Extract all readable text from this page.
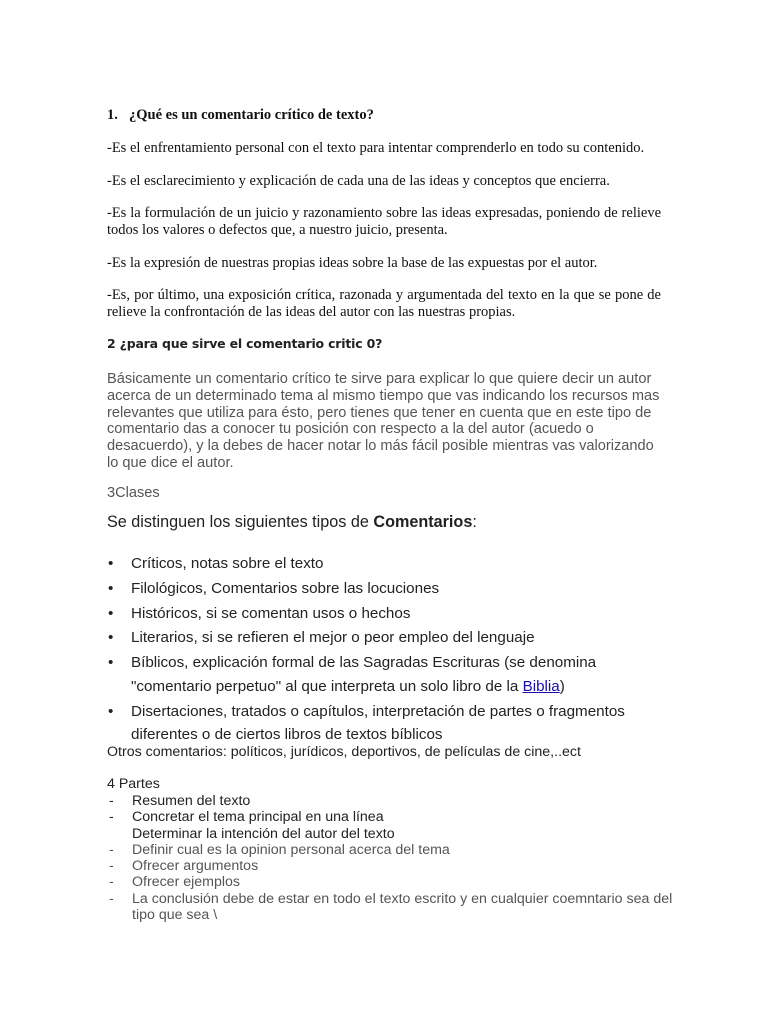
1. ¿Qué es un comentario crítico de texto?

-Es el enfrentamiento personal con el texto para intentar comprenderlo en todo su contenido.

-Es el esclarecimiento y explicación de cada una de las ideas y conceptos que encierra.

-Es la formulación de un juicio y razonamiento sobre las ideas expresadas, poniendo de relieve todos los valores o defectos que, a nuestro juicio, presenta.

-Es la expresión de nuestras propias ideas sobre la base de las expuestas por el autor.

-Es, por último, una exposición crítica, razonada y argumentada del texto en la que se pone de relieve la confrontación de las ideas del autor con las nuestras propias.

2 ¿para que sirve el comentario critic 0?

Básicamente un comentario crítico te sirve para explicar lo que quiere decir un autor acerca de un determinado tema al mismo tiempo que vas indicando los recursos mas relevantes que utiliza para ésto, pero tienes que tener en cuenta que en este tipo de comentario das a conocer tu posición con respecto a la del autor (acuedo o desacuerdo), y la debes de hacer notar lo más fácil posible mientras vas valorizando lo que dice el autor.

3Clases
Se distinguen los siguientes tipos de Comentarios:
• Críticos, notas sobre el texto
• Filológicos, Comentarios sobre las locuciones
• Históricos, si se comentan usos o hechos
• Literarios, si se refieren el mejor o peor empleo del lenguaje
• Bíblicos, explicación formal de las Sagradas Escrituras (se denomina "comentario perpetuo" al que interpreta un solo libro de la Biblia)
• Disertaciones, tratados o capítulos, interpretación de partes o fragmentos diferentes o de ciertos libros de textos bíblicos
Otros comentarios: políticos, jurídicos, deportivos, de películas de cine,..ect
4 Partes
- Resumen del texto
- Concretar el tema principal en una línea
Determinar la intención del autor del texto
- Definir cual es la opinion personal acerca del tema
- Ofrecer argumentos
- Ofrecer ejemplos
- La conclusión debe de estar en todo el texto escrito y en cualquier coemntario sea del tipo que sea \
